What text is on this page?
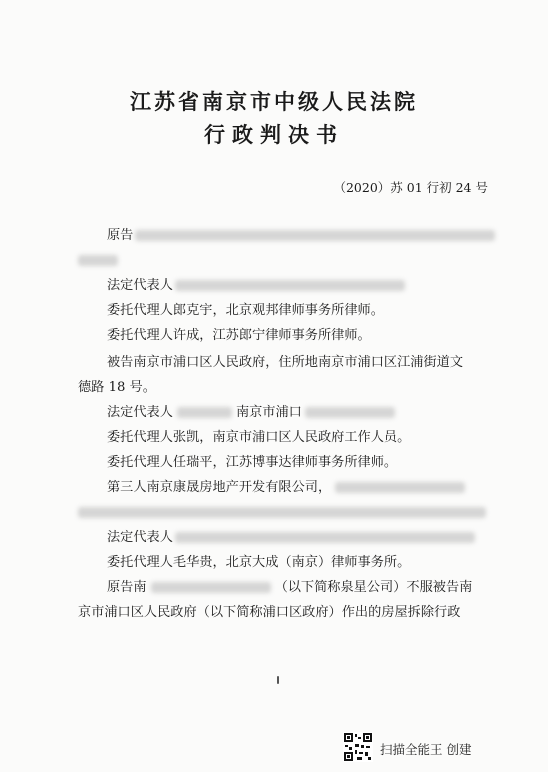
江苏省南京市中级人民法院
行政判决书
（2020）苏 01 行初 24 号
原告
法定代表人
委托代理人郎克宇，北京观邦律师事务所律师。
委托代理人许成，江苏郎宁律师事务所律师。
被告南京市浦口区人民政府，住所地南京市浦口区江浦街道文
德路 18 号。
法定代表人	南京市浦口
委托代理人张凯，南京市浦口区人民政府工作人员。
委托代理人任瑞平，江苏博事达律师事务所律师。
第三人南京康晟房地产开发有限公司，
法定代表人
委托代理人毛华贵，北京大成（南京）律师事务所。
原告南	（以下简称泉星公司）不服被告南
京市浦口区人民政府（以下简称浦口区政府）作出的房屋拆除行政
扫描全能王 创建
